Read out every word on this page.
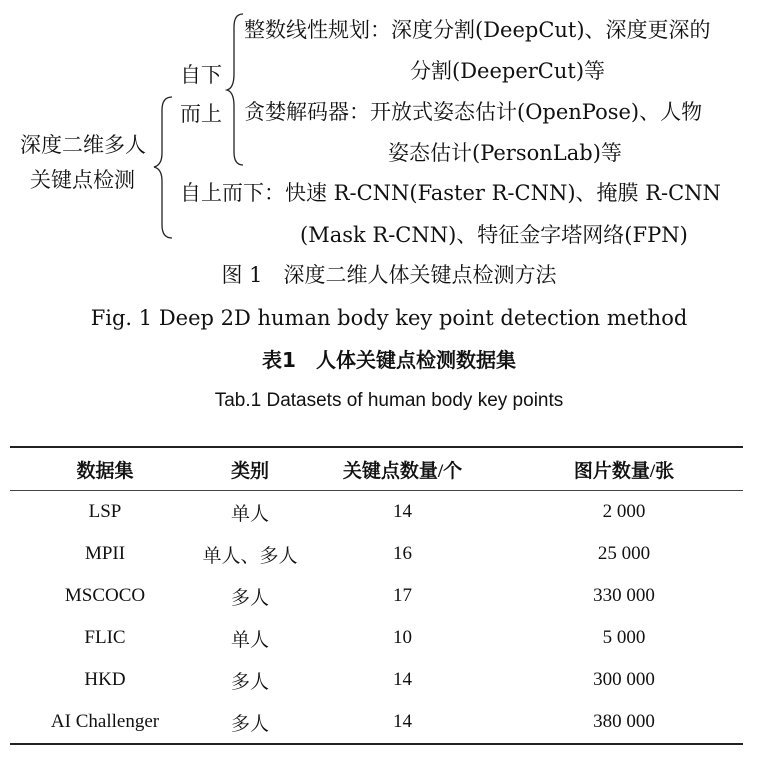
深度二维多人
关键点检测
自下
而上
整数线性规划：深度分割(DeepCut)、深度更深的
分割(DeeperCut)等
贪婪解码器：开放式姿态估计(OpenPose)、人物
姿态估计(PersonLab)等
自上而下：快速 R-CNN(Faster R-CNN)、掩膜 R-CNN
(Mask R-CNN)、特征金字塔网络(FPN)
图 1　深度二维人体关键点检测方法
Fig. 1 Deep 2D human body key point detection method
表1　人体关键点检测数据集
Tab.1 Datasets of human body key points
数据集	类别	关键点数量/个	图片数量/张
LSP	单人	14	2 000
MPII	单人、多人	16	25 000
MSCOCO	多人	17	330 000
FLIC	单人	10	5 000
HKD	多人	14	300 000
AI Challenger	多人	14	380 000
